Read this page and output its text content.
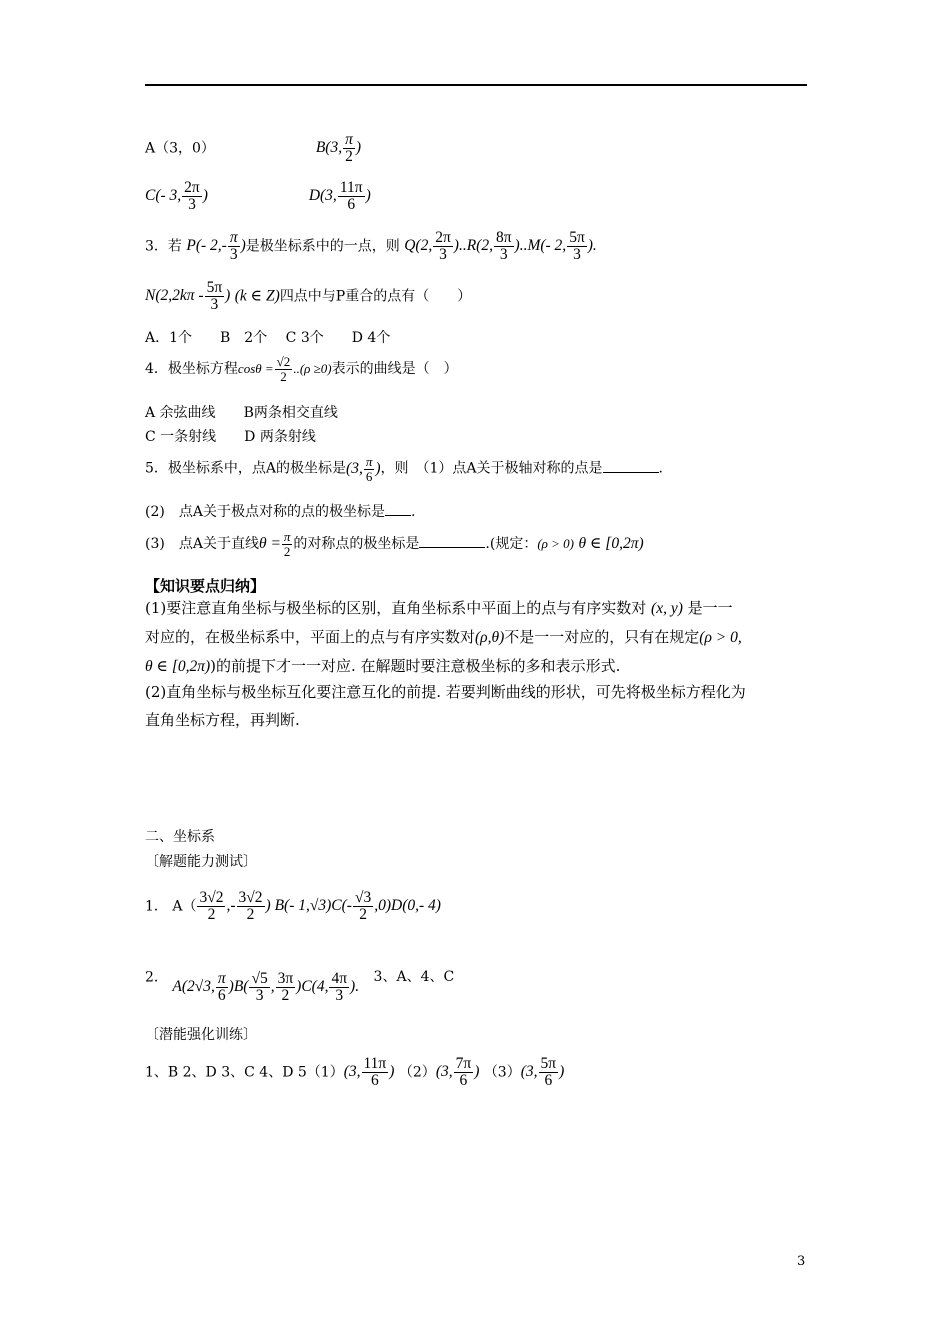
A（3，0）	B(3, $\frac{\pi}{2}$ )
C(- 3, $\frac{2\pi}{3}$ )	D(3, $\frac{11\pi}{6}$ )
3．若 P(- $2,- \frac{\pi}{3}$ )是极坐标系中的一点，则 Q(2, $\frac{2\pi}{3} )..R(2$, $\frac{8\pi}{3} )..M(-$ 2, $\frac{5\pi}{3}$ ).
$N(2,2k\pi - \frac{5\pi}{3}$ ) (k ∈ Z)四点中与P重合的点有（　　）
A．1个　　B　2个　 C 3个　　D 4个
4．极坐标方程$\cos\theta = \frac{√2}{2} ..(\rho \ge 0)$表示的曲线是（　）
A 余弦曲线　　 B两条相交直线
C 一条射线　　 D 两条射线
5．极坐标系中，点A的极坐标是(3, $\frac{\pi}{6}$ )，则　（1）点A关于极轴对称的点是	.
(2)　点A关于极点对称的点的极坐标是 .
(3)　点A关于直线$\theta = \frac{\pi}{2}$ 的对称点的极坐标是	.(规定：(ρ > 0) θ ∈ [0,2π)
【知识要点归纳】
(1)要注意直角坐标与极坐标的区别，直角坐标系中平面上的点与有序实数对 (x, y) 是一一
对应的，在极坐标系中，平面上的点与有序实数对(ρ,θ)不是一一对应的，只有在规定(ρ > 0,
θ ∈ [0,2π))的前提下才一一对应. 在解题时要注意极坐标的多和表示形式.
(2)直角坐标与极坐标互化要注意互化的前提. 若要判断曲线的形状，可先将极坐标方程化为
直角坐标方程，再判断.
二、坐标系
〔解题能力测试〕
1． $A( \frac{3√2}{2}$ ,- $\frac{3√2}{2}$ ) B(- $1,√3)C(- \frac{√3}{2} ,0)D(0,-$ 4)
2． A(2√3, $\frac{\pi}{6} )B( \frac{√5}{3}$ , $\frac{3\pi}{2} )C(4$, $\frac{4\pi}{3}$ ). 3、A、4、C
〔潜能强化训练〕
1、B 2、D 3、C 4、D 5（1）(3, $\frac{11\pi}{6}$ ) （2）(3, $\frac{7\pi}{6}$ ) （3）(3, $\frac{5\pi}{6}$ )
3
